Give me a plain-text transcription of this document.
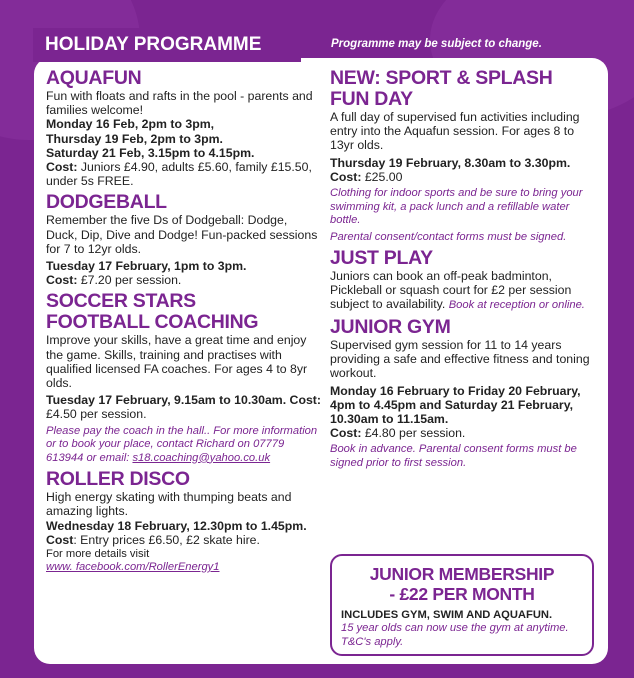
HOLIDAY PROGRAMME	Programme may be subject to change.
AQUAFUN

Fun with floats and rafts in the pool - parents and families welcome!

Monday 16 Feb, 2pm to 3pm,

Thursday 19 Feb, 2pm to 3pm.

Saturday 21 Feb, 3.15pm to 4.15pm.

Cost: Juniors £4.90, adults £5.60, family £15.50, under 5s FREE.

DODGEBALL

Remember the five Ds of Dodgeball: Dodge, Duck, Dip, Dive and Dodge! Fun-packed sessions for 7 to 12yr olds.

Tuesday 17 February, 1pm to 3pm.

Cost: £7.20 per session.

SOCCER STARS
FOOTBALL COACHING

Improve your skills, have a great time and enjoy the game. Skills, training and practises with qualified licensed FA coaches. For ages 4 to 8yr olds.

Tuesday 17 February, 9.15am to 10.30am. Cost: £4.50 per session.

Please pay the coach in the hall.. For more information or to book your place, contact Richard on 07779 613944 or email: s18.coaching@yahoo.co.uk

ROLLER DISCO

High energy skating with thumping beats and amazing lights.

Wednesday 18 February, 12.30pm to 1.45pm.

Cost: Entry prices £6.50, £2 skate hire.

For more details visit

www. facebook.com/RollerEnergy1

NEW: SPORT & SPLASH
FUN DAY

A full day of supervised fun activities including entry into the Aquafun session. For ages 8 to 13yr olds.

Thursday 19 February, 8.30am to 3.30pm. Cost: £25.00

Clothing for indoor sports and be sure to bring your swimming kit, a pack lunch and a refillable water bottle.

Parental consent/contact forms must be signed.

JUST PLAY

Juniors can book an off-peak badminton, Pickleball or squash court for £2 per session subject to availability. Book at reception or online.

JUNIOR GYM

Supervised gym session for 11 to 14 years providing a safe and effective fitness and toning workout.

Monday 16 February to Friday 20 February, 4pm to 4.45pm and Saturday 21 February, 10.30am to 11.15am.

Cost: £4.80 per session.

Book in advance. Parental consent forms must be signed prior to first session.

JUNIOR MEMBERSHIP
- £22 PER MONTH

INCLUDES GYM, SWIM AND AQUAFUN.

15 year olds can now use the gym at anytime. T&C's apply.
